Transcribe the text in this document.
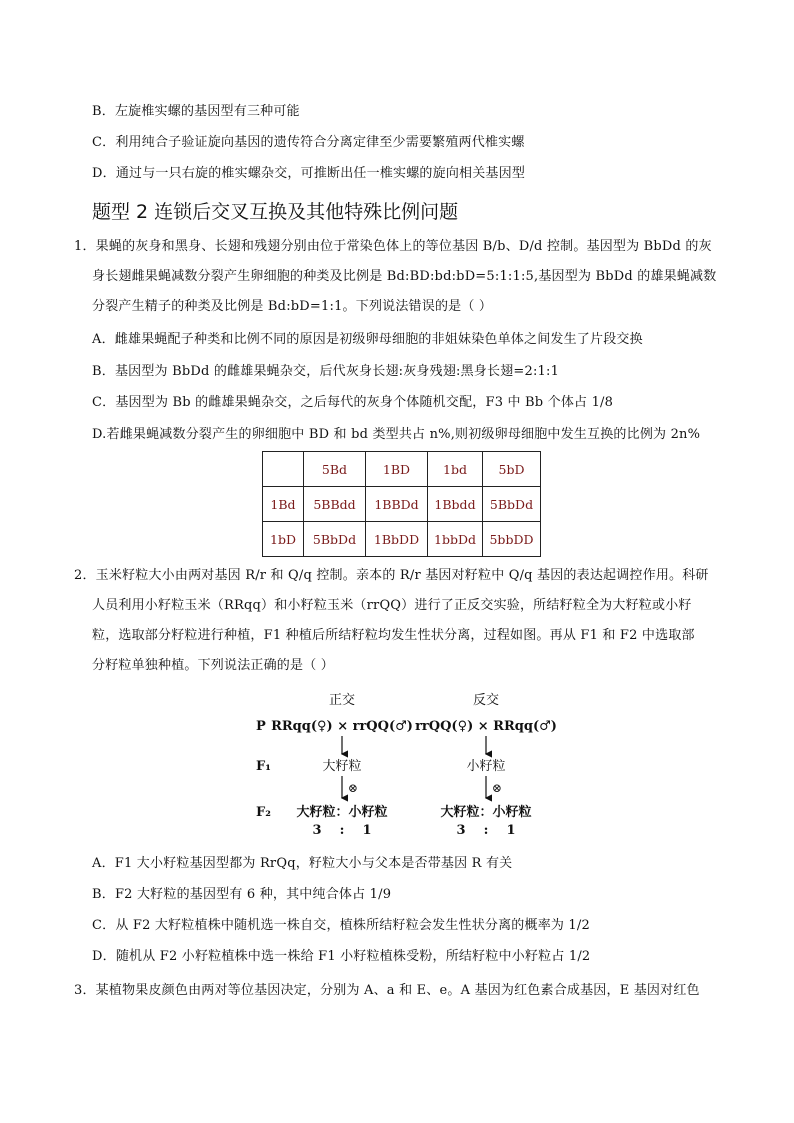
B．左旋椎实螺的基因型有三种可能
C．利用纯合子验证旋向基因的遗传符合分离定律至少需要繁殖两代椎实螺
D．通过与一只右旋的椎实螺杂交，可推断出任一椎实螺的旋向相关基因型
题型 2 连锁后交叉互换及其他特殊比例问题
1．果蝇的灰身和黑身、长翅和残翅分别由位于常染色体上的等位基因 B/b、D/d 控制。基因型为 BbDd 的灰
身长翅雌果蝇减数分裂产生卵细胞的种类及比例是 Bd:BD:bd:bD=5:1:1:5,基因型为 BbDd 的雄果蝇减数
分裂产生精子的种类及比例是 Bd:bD=1:1。下列说法错误的是（ ）
A．雌雄果蝇配子种类和比例不同的原因是初级卵母细胞的非姐妹染色单体之间发生了片段交换
B．基因型为 BbDd 的雌雄果蝇杂交，后代灰身长翅:灰身残翅:黑身长翅=2:1:1
C．基因型为 Bb 的雌雄果蝇杂交，之后每代的灰身个体随机交配，F3 中 Bb 个体占 1/8
D.若雌果蝇减数分裂产生的卵细胞中 BD 和 bd 类型共占 n%,则初级卵母细胞中发生互换的比例为 2n%
	5Bd	1BD	1bd	5bD
1Bd	5BBdd	1BBDd	1Bbdd	5BbDd
1bD	5BbDd	1BbDD	1bbDd	5bbDD
2．玉米籽粒大小由两对基因 R/r 和 Q/q 控制。亲本的 R/r 基因对籽粒中 Q/q 基因的表达起调控作用。科研
人员利用小籽粒玉米（RRqq）和小籽粒玉米（rrQQ）进行了正反交实验，所结籽粒全为大籽粒或小籽
粒，选取部分籽粒进行种植，F1 种植后所结籽粒均发生性状分离，过程如图。再从 F1 和 F2 中选取部
分籽粒单独种植。下列说法正确的是（ ）
正交	反交
P RRqq(♀) × rrQQ(♂) rrQQ(♀) × RRqq(♂)
F₁	大籽粒	小籽粒
⊗	⊗
F₂ 大籽粒：小籽粒	大籽粒：小籽粒
3    :    1	3    :    1
A．F1 大小籽粒基因型都为 RrQq，籽粒大小与父本是否带基因 R 有关
B．F2 大籽粒的基因型有 6 种，其中纯合体占 1/9
C．从 F2 大籽粒植株中随机选一株自交，植株所结籽粒会发生性状分离的概率为 1/2
D．随机从 F2 小籽粒植株中选一株给 F1 小籽粒植株受粉，所结籽粒中小籽粒占 1/2
3．某植物果皮颜色由两对等位基因决定，分别为 A、a 和 E、e。A 基因为红色素合成基因，E 基因对红色
